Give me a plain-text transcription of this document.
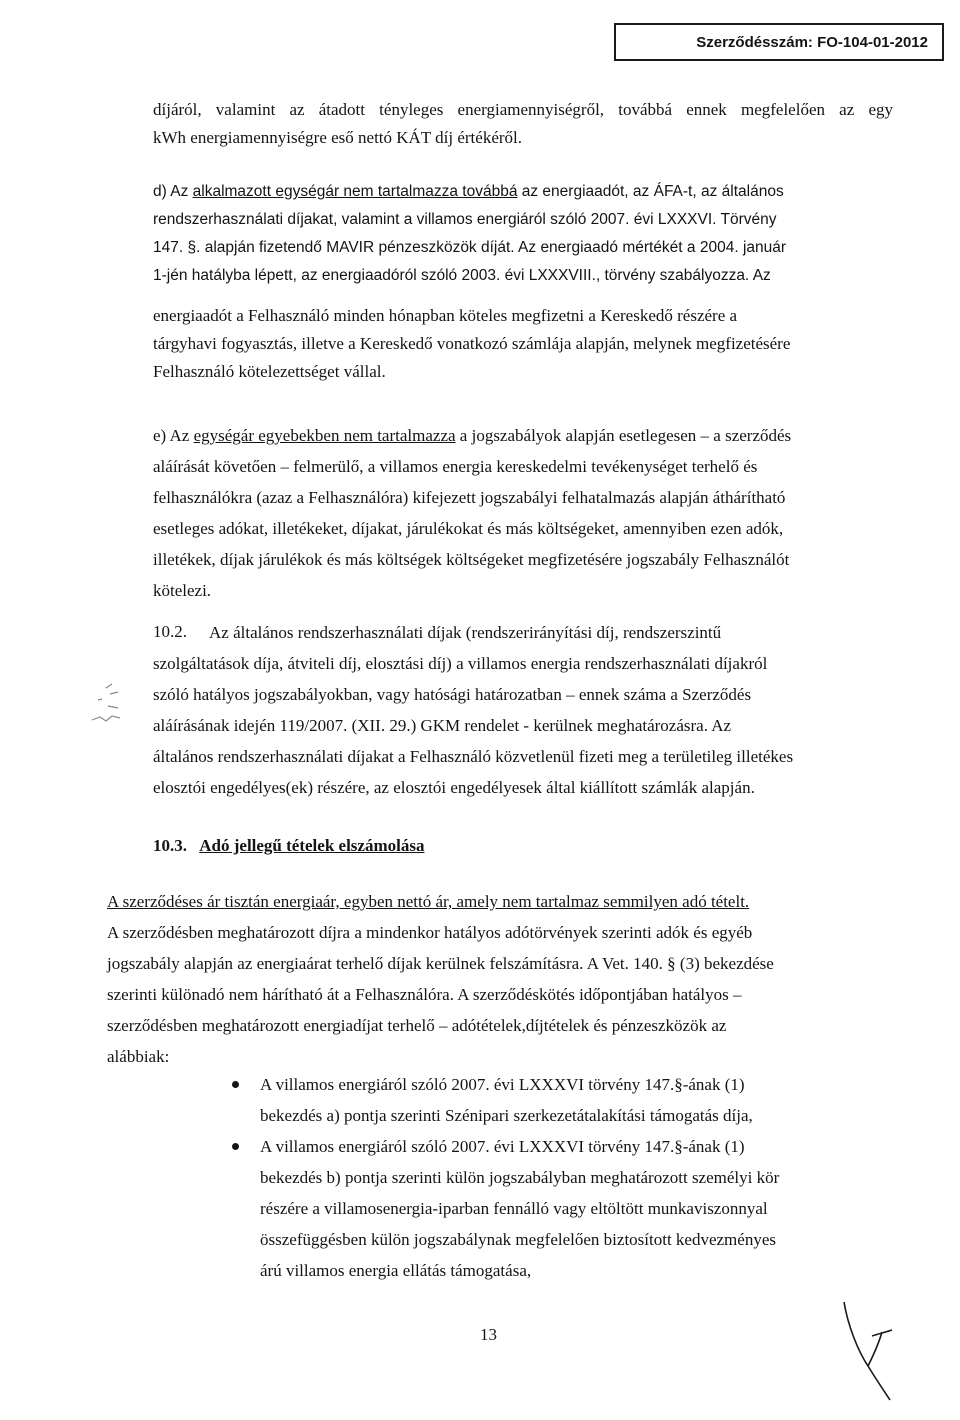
Szerződésszám: FO-104-01-2012
díjáról, valamint az átadott tényleges energiamennyiségről, továbbá ennek megfelelően az egy
kWh energiamennyiségre eső nettó KÁT díj értékéről.
d) Az alkalmazott egységár nem tartalmazza továbbá az energiaadót, az ÁFA-t, az általános
rendszerhasználati díjakat, valamint a villamos energiáról szóló 2007. évi LXXXVI. Törvény
147. §. alapján fizetendő MAVIR pénzeszközök díját. Az energiaadó mértékét a 2004. január
1-jén hatályba lépett, az energiaadóról szóló 2003. évi LXXXVIII., törvény szabályozza. Az
energiaadót a Felhasználó minden hónapban köteles megfizetni a Kereskedő részére a
tárgyhavi fogyasztás, illetve a Kereskedő vonatkozó számlája alapján, melynek megfizetésére
Felhasználó kötelezettséget vállal.
e) Az egységár egyebekben nem tartalmazza a jogszabályok alapján esetlegesen – a szerződés
aláírását követően – felmerülő, a villamos energia kereskedelmi tevékenységet terhelő és
felhasználókra (azaz a Felhasználóra) kifejezett jogszabályi felhatalmazás alapján áthárítható
esetleges adókat, illetékeket, díjakat, járulékokat és más költségeket, amennyiben ezen adók,
illetékek, díjak járulékok és más költségek költségeket megfizetésére jogszabály Felhasználót
kötelezi.
10.2.	Az általános rendszerhasználati díjak (rendszerirányítási díj, rendszerszintű
szolgáltatások díja, átviteli díj, elosztási díj) a villamos energia rendszerhasználati díjakról
szóló hatályos jogszabályokban, vagy hatósági határozatban – ennek száma a Szerződés
aláírásának idején 119/2007. (XII. 29.) GKM rendelet - kerülnek meghatározásra. Az
általános rendszerhasználati díjakat a Felhasználó közvetlenül fizeti meg a területileg illetékes
elosztói engedélyes(ek) részére, az elosztói engedélyesek által kiállított számlák alapján.
10.3. Adó jellegű tételek elszámolása
A szerződéses ár tisztán energiaár, egyben nettó ár, amely nem tartalmaz semmilyen adó tételt.
A szerződésben meghatározott díjra a mindenkor hatályos adótörvények szerinti adók és egyéb
jogszabály alapján az energiaárat terhelő díjak kerülnek felszámításra. A Vet. 140. § (3) bekezdése
szerinti különadó nem hárítható át a Felhasználóra. A szerződéskötés időpontjában hatályos –
szerződésben meghatározott energiadíjat terhelő – adótételek,díjtételek és pénzeszközök az
alábbiak:
A villamos energiáról szóló 2007. évi LXXXVI törvény 147.§-ának (1)
bekezdés a) pontja szerinti Szénipari szerkezetátalakítási támogatás díja,
A villamos energiáról szóló 2007. évi LXXXVI törvény 147.§-ának (1)
bekezdés b) pontja szerinti külön jogszabályban meghatározott személyi kör
részére a villamosenergia-iparban fennálló vagy eltöltött munkaviszonnyal
összefüggésben külön jogszabálynak megfelelően biztosított kedvezményes
árú villamos energia ellátás támogatása,
13
